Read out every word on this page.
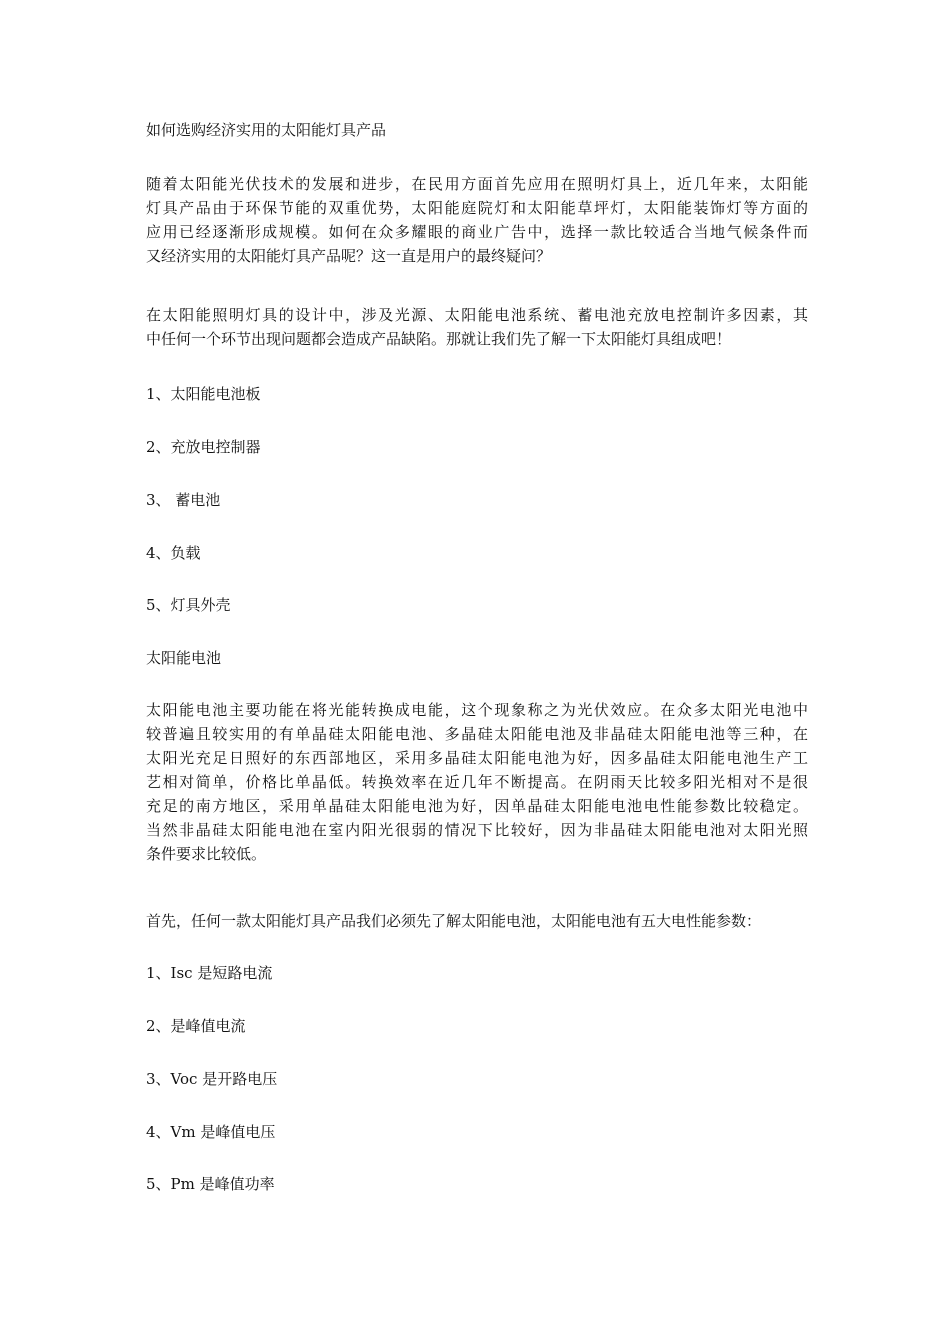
如何选购经济实用的太阳能灯具产品

随着太阳能光伏技术的发展和进步，在民用方面首先应用在照明灯具上，近几年来，太阳能
灯具产品由于环保节能的双重优势，太阳能庭院灯和太阳能草坪灯，太阳能装饰灯等方面的
应用已经逐渐形成规模。如何在众多耀眼的商业广告中，选择一款比较适合当地气候条件而
又经济实用的太阳能灯具产品呢？这一直是用户的最终疑问？

在太阳能照明灯具的设计中，涉及光源、太阳能电池系统、蓄电池充放电控制许多因素，其
中任何一个环节出现问题都会造成产品缺陷。那就让我们先了解一下太阳能灯具组成吧！

1、太阳能电池板

2、充放电控制器

3、 蓄电池

4、负载

5、灯具外壳

太阳能电池

太阳能电池主要功能在将光能转换成电能，这个现象称之为光伏效应。在众多太阳光电池中
较普遍且较实用的有单晶硅太阳能电池、多晶硅太阳能电池及非晶硅太阳能电池等三种，在
太阳光充足日照好的东西部地区，采用多晶硅太阳能电池为好，因多晶硅太阳能电池生产工
艺相对简单，价格比单晶低。转换效率在近几年不断提高。在阴雨天比较多阳光相对不是很
充足的南方地区，采用单晶硅太阳能电池为好，因单晶硅太阳能电池电性能参数比较稳定。
当然非晶硅太阳能电池在室内阳光很弱的情况下比较好，因为非晶硅太阳能电池对太阳光照
条件要求比较低。

首先，任何一款太阳能灯具产品我们必须先了解太阳能电池，太阳能电池有五大电性能参数：

1、Isc 是短路电流

2、是峰值电流

3、Voc 是开路电压

4、Vm 是峰值电压

5、Pm 是峰值功率
